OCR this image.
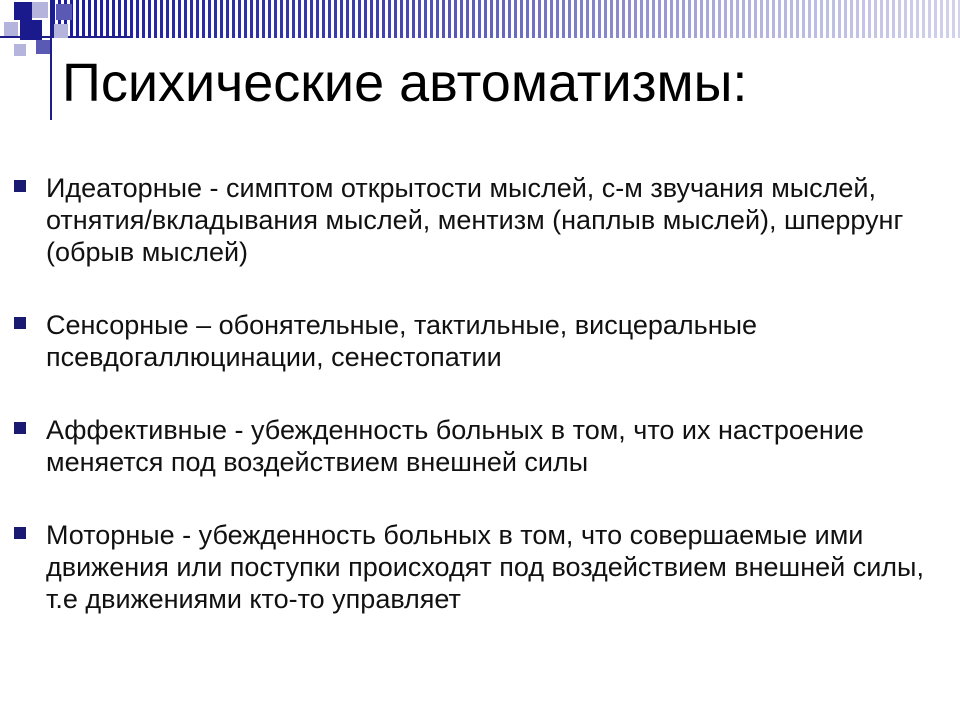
Психические автоматизмы:
Идеаторные - симптом открытости мыслей, с-м звучания мыслей, отнятия/вкладывания мыслей, ментизм (наплыв мыслей), шперрунг (обрыв мыслей)
Сенсорные – обонятельные, тактильные, висцеральные псевдогаллюцинации, сенестопатии
Аффективные - убежденность больных в том, что их настроение меняется под воздействием внешней силы
Моторные - убежденность больных в том, что совершаемые ими движения или поступки происходят под воздействием внешней силы, т.е движениями кто-то управляет
